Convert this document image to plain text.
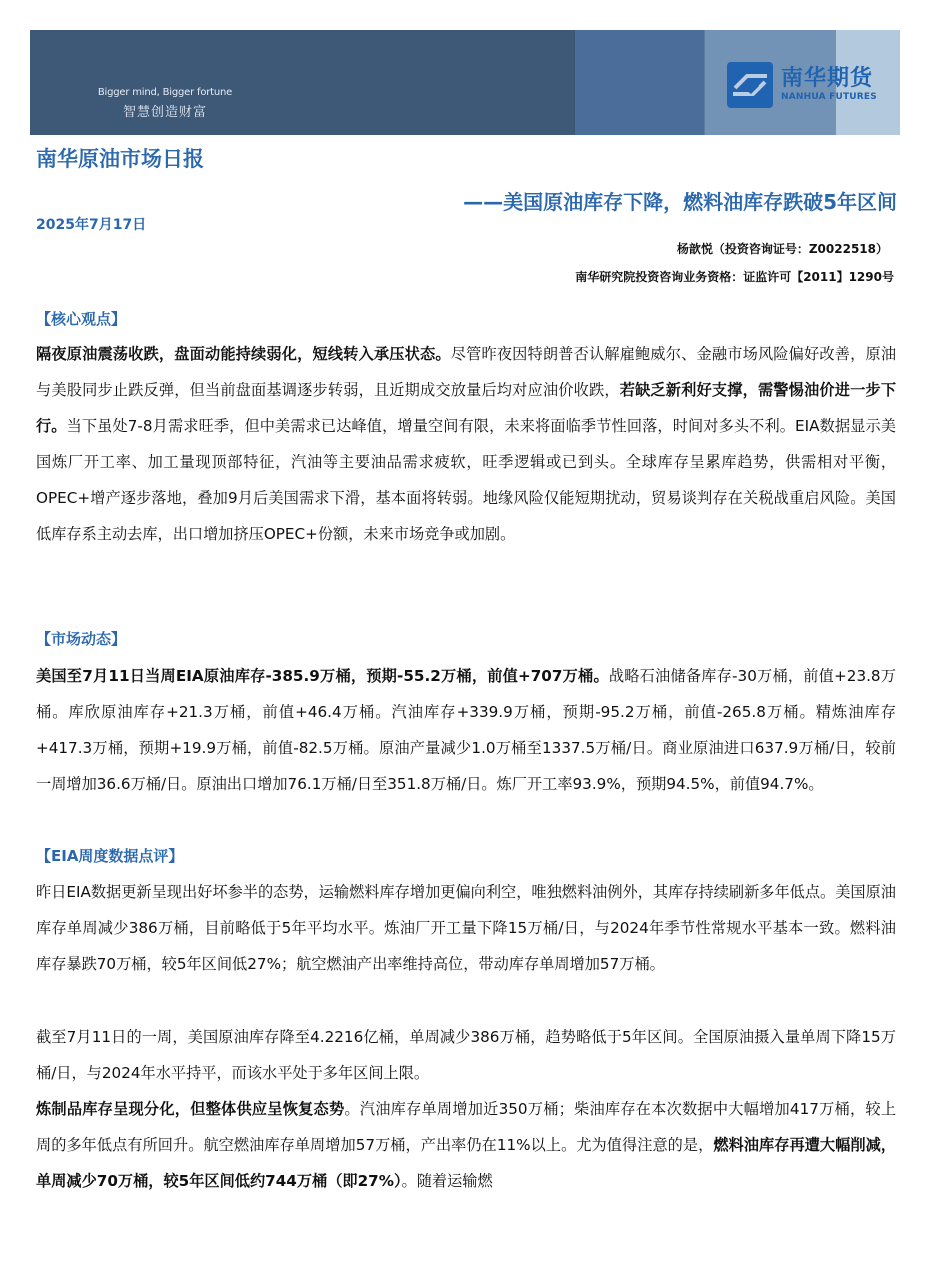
Bigger mind, Bigger fortune
智慧创造财富
南华期货
NANHUA FUTURES
南华原油市场日报
——美国原油库存下降，燃料油库存跌破5年区间
2025年7月17日
杨歆悦（投资咨询证号：Z0022518）
南华研究院投资咨询业务资格：证监许可【2011】1290号
【核心观点】
隔夜原油震荡收跌，盘面动能持续弱化，短线转入承压状态。尽管昨夜因特朗普否认解雇鲍威尔、金融市场风险偏好改善，原油与美股同步止跌反弹，但当前盘面基调逐步转弱，且近期成交放量后均对应油价收跌，若缺乏新利好支撑，需警惕油价进一步下行。当下虽处7-8月需求旺季，但中美需求已达峰值，增量空间有限，未来将面临季节性回落，时间对多头不利。EIA数据显示美国炼厂开工率、加工量现顶部特征，汽油等主要油品需求疲软，旺季逻辑或已到头。全球库存呈累库趋势，供需相对平衡，OPEC+增产逐步落地，叠加9月后美国需求下滑，基本面将转弱。地缘风险仅能短期扰动，贸易谈判存在关税战重启风险。美国低库存系主动去库，出口增加挤压OPEC+份额，未来市场竞争或加剧。
【市场动态】
美国至7月11日当周EIA原油库存-385.9万桶，预期-55.2万桶，前值+707万桶。战略石油储备库存-30万桶，前值+23.8万桶。库欣原油库存+21.3万桶，前值+46.4万桶。汽油库存+339.9万桶，预期-95.2万桶，前值-265.8万桶。精炼油库存+417.3万桶，预期+19.9万桶，前值-82.5万桶。原油产量减少1.0万桶至1337.5万桶/日。商业原油进口637.9万桶/日，较前一周增加36.6万桶/日。原油出口增加76.1万桶/日至351.8万桶/日。炼厂开工率93.9%，预期94.5%，前值94.7%。
【EIA周度数据点评】
昨日EIA数据更新呈现出好坏参半的态势，运输燃料库存增加更偏向利空，唯独燃料油例外，其库存持续刷新多年低点。美国原油库存单周减少386万桶，目前略低于5年平均水平。炼油厂开工量下降15万桶/日，与2024年季节性常规水平基本一致。燃料油库存暴跌70万桶，较5年区间低27%；航空燃油产出率维持高位，带动库存单周增加57万桶。
截至7月11日的一周，美国原油库存降至4.2216亿桶，单周减少386万桶，趋势略低于5年区间。全国原油摄入量单周下降15万桶/日，与2024年水平持平，而该水平处于多年区间上限。
炼制品库存呈现分化，但整体供应呈恢复态势。汽油库存单周增加近350万桶；柴油库存在本次数据中大幅增加417万桶，较上周的多年低点有所回升。航空燃油库存单周增加57万桶，产出率仍在11%以上。尤为值得注意的是，燃料油库存再遭大幅削减，单周减少70万桶，较5年区间低约744万桶（即27%）。随着运输燃
